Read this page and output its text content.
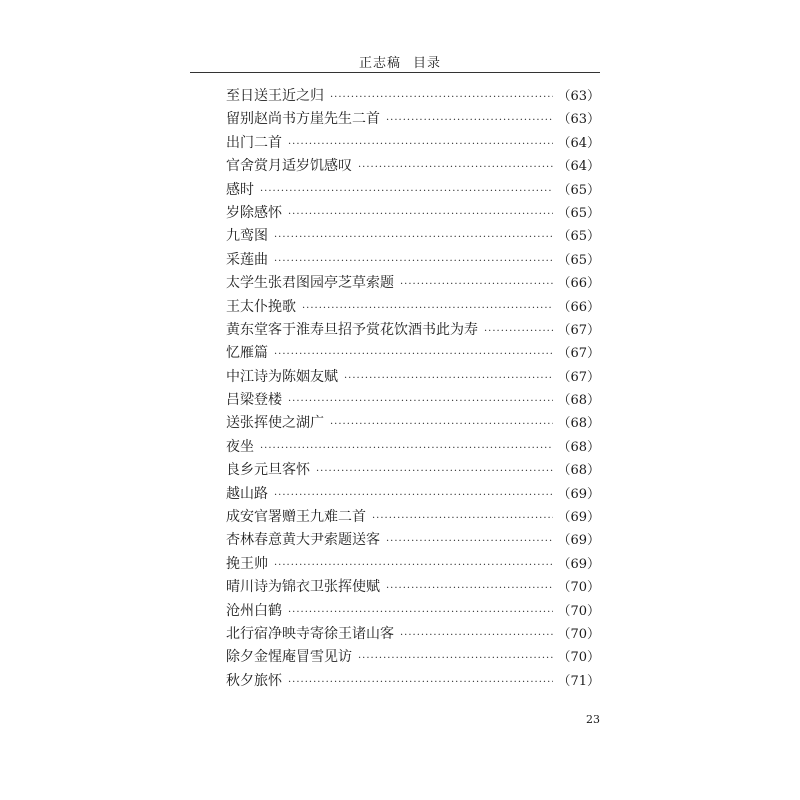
正志稿 目录
至日送王近之归 ·····	（63）
留别赵尚书方崖先生二首 ·····	（63）
出门二首 ·····	（64）
官舍赏月适岁饥感叹 ·····	（64）
感时 ·····	（65）
岁除感怀 ·····	（65）
九鸾图 ·····	（65）
采莲曲 ·····	（65）
太学生张君图园亭芝草索题 ·····	（66）
王太仆挽歌 ·····	（66）
黄东堂客于淮寿旦招予赏花饮酒书此为寿 ·····	（67）
忆雁篇 ·····	（67）
中江诗为陈姻友赋 ·····	（67）
吕梁登楼 ·····	（68）
送张挥使之湖广 ·····	（68）
夜坐 ·····	（68）
良乡元旦客怀 ·····	（68）
越山路 ·····	（69）
成安官署赠王九难二首 ·····	（69）
杏林春意黄大尹索题送客 ·····	（69）
挽王帅 ·····	（69）
晴川诗为锦衣卫张挥使赋 ·····	（70）
沧州白鹤 ·····	（70）
北行宿净映寺寄徐王诸山客 ·····	（70）
除夕金惺庵冒雪见访 ·····	（70）
秋夕旅怀 ·····	（71）
23
